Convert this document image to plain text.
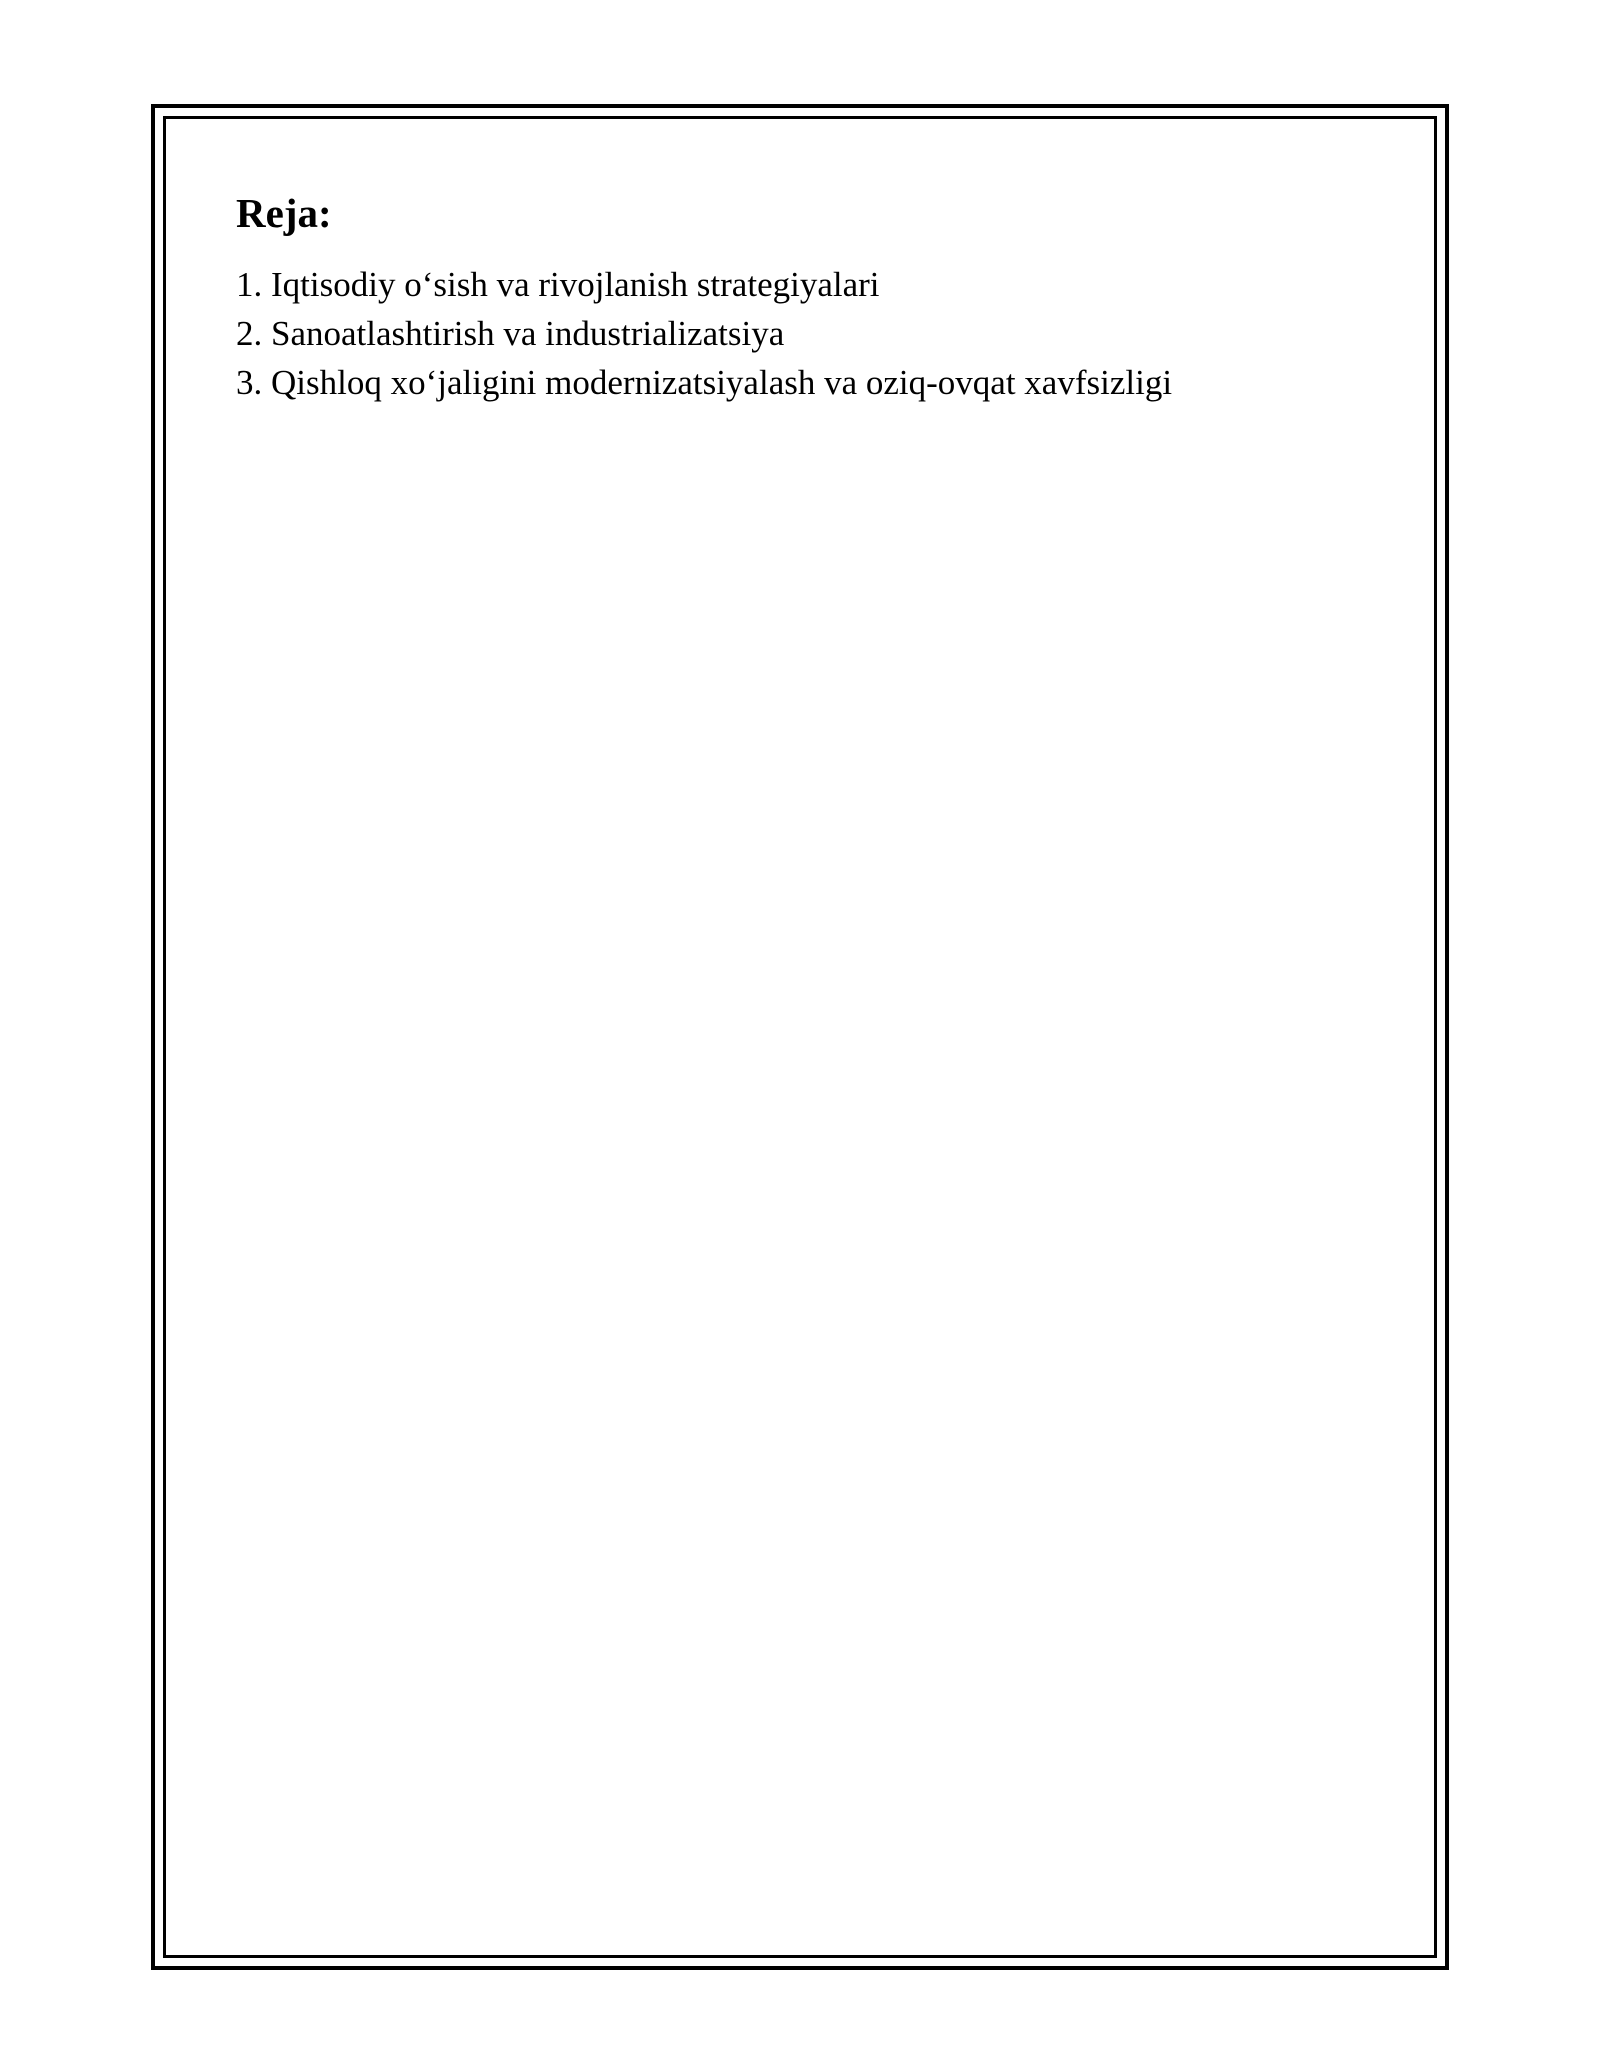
Reja:
1. Iqtisodiy o‘sish va rivojlanish strategiyalari
2. Sanoatlashtirish va industrializatsiya
3. Qishloq xo‘jaligini modernizatsiyalash va oziq-ovqat xavfsizligi
